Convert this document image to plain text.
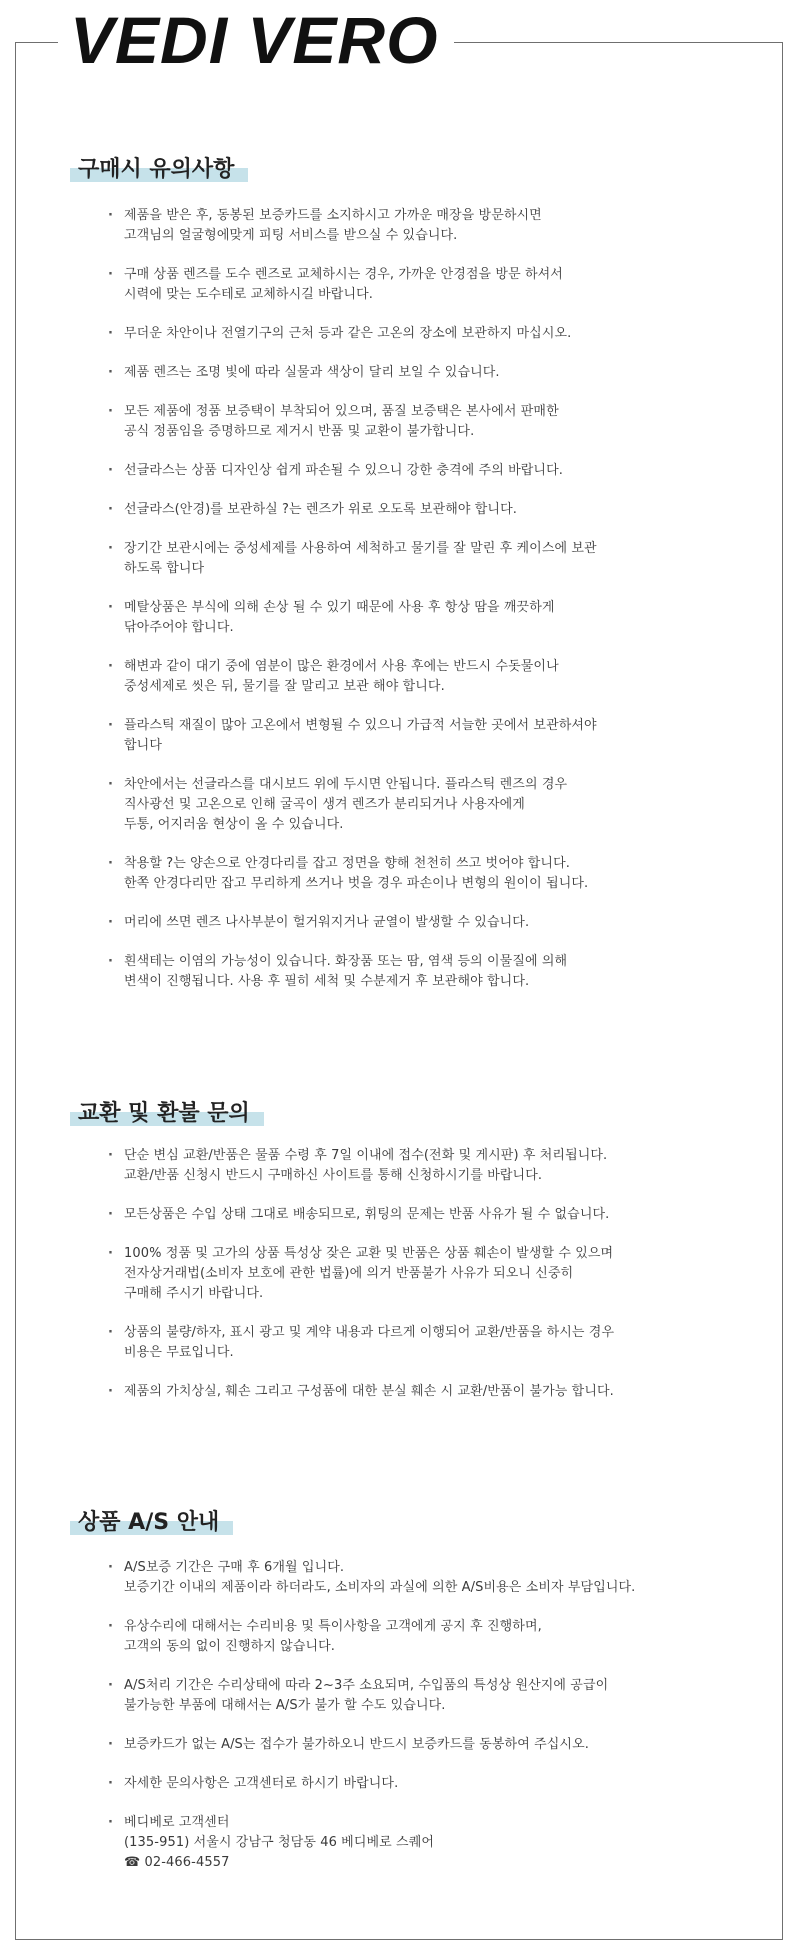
VEDI VERO
구매시 유의사항
· 제품을 받은 후, 동봉된 보증카드를 소지하시고 가까운 매장을 방문하시면
고객님의 얼굴형에맞게 피팅 서비스를 받으실 수 있습니다.
· 구매 상품 렌즈를 도수 렌즈로 교체하시는 경우, 가까운 안경점을 방문 하셔서
시력에 맞는 도수테로 교체하시길 바랍니다.
· 무더운 차안이나 전열기구의 근처 등과 같은 고온의 장소에 보관하지 마십시오.
· 제품 렌즈는 조명 빛에 따라 실물과 색상이 달리 보일 수 있습니다.
· 모든 제품에 정품 보증택이 부착되어 있으며, 품질 보증택은 본사에서 판매한
공식 정품임을 증명하므로 제거시 반품 및 교환이 불가합니다.
· 선글라스는 상품 디자인상 쉽게 파손될 수 있으니 강한 충격에 주의 바랍니다.
· 선글라스(안경)를 보관하실 ?는 렌즈가 위로 오도록 보관해야 합니다.
· 장기간 보관시에는 중성세제를 사용하여 세척하고 물기를 잘 말린 후 케이스에 보관
하도록 합니다
· 메탈상품은 부식에 의해 손상 될 수 있기 때문에 사용 후 항상 땀을 깨끗하게
닦아주어야 합니다.
· 해변과 같이 대기 중에 염분이 많은 환경에서 사용 후에는 반드시 수돗물이나
중성세제로 씻은 뒤, 물기를 잘 말리고 보관 해야 합니다.
· 플라스틱 재질이 많아 고온에서 변형될 수 있으니 가급적 서늘한 곳에서 보관하셔야
합니다
· 차안에서는 선글라스를 대시보드 위에 두시면 안됩니다. 플라스틱 렌즈의 경우
직사광선 및 고온으로 인해 굴곡이 생겨 렌즈가 분리되거나 사용자에게
두통, 어지러움 현상이 올 수 있습니다.
· 착용할 ?는 양손으로 안경다리를 잡고 정면을 향해 천천히 쓰고 벗어야 합니다.
한쪽 안경다리만 잡고 무리하게 쓰거나 벗을 경우 파손이나 변형의 원이이 됩니다.
· 머리에 쓰면 렌즈 나사부분이 헐거워지거나 균열이 발생할 수 있습니다.
· 흰색테는 이염의 가능성이 있습니다. 화장품 또는 땀, 염색 등의 이물질에 의해
변색이 진행됩니다. 사용 후 필히 세척 및 수분제거 후 보관해야 합니다.
교환 및 환불 문의
· 단순 변심 교환/반품은 물품 수령 후 7일 이내에 접수(전화 및 게시판) 후 처리됩니다.
교환/반품 신청시 반드시 구매하신 사이트를 통해 신청하시기를 바랍니다.
· 모든상품은 수입 상태 그대로 배송되므로, 휘팅의 문제는 반품 사유가 될 수 없습니다.
· 100% 정품 및 고가의 상품 특성상 잦은 교환 및 반품은 상품 훼손이 발생할 수 있으며
전자상거래법(소비자 보호에 관한 법률)에 의거 반품불가 사유가 되오니 신중히
구매해 주시기 바랍니다.
· 상품의 불량/하자, 표시 광고 및 계약 내용과 다르게 이행되어 교환/반품을 하시는 경우
비용은 무료입니다.
· 제품의 가치상실, 훼손 그리고 구성품에 대한 분실 훼손 시 교환/반품이 불가능 합니다.
상품 A/S 안내
· A/S보증 기간은 구매 후 6개월 입니다.
보증기간 이내의 제품이라 하더라도, 소비자의 과실에 의한 A/S비용은 소비자 부담입니다.
· 유상수리에 대해서는 수리비용 및 특이사항을 고객에게 공지 후 진행하며,
고객의 동의 없이 진행하지 않습니다.
· A/S처리 기간은 수리상태에 따라 2~3주 소요되며, 수입품의 특성상 원산지에 공급이
불가능한 부품에 대해서는 A/S가 불가 할 수도 있습니다.
· 보증카드가 없는 A/S는 접수가 불가하오니 반드시 보증카드를 동봉하여 주십시오.
· 자세한 문의사항은 고객센터로 하시기 바랍니다.
· 베디베로 고객센터
(135-951) 서울시 강남구 청담동 46 베디베로 스퀘어
☎ 02-466-4557
